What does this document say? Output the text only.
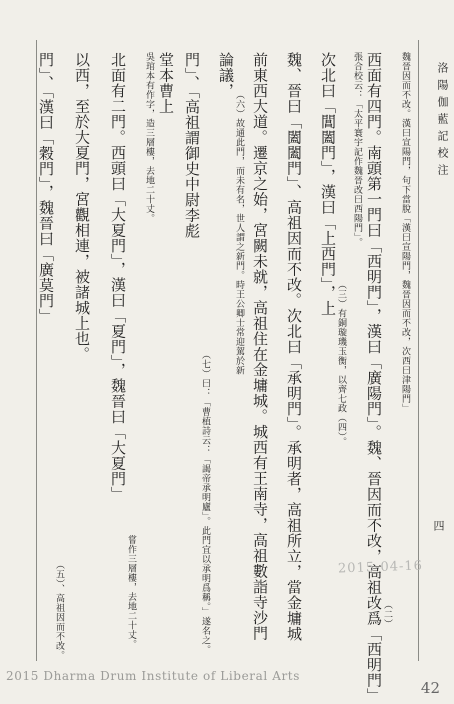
洛陽伽藍記校注
四
門」、「漢曰「穀門」，魏晉曰「廣莫門」
（五）、高祖因而不改。
以西，至於大夏門，宮觀相連，被諸城上也。 北面有二門。西頭曰「大夏門」，漢曰「夏門」，魏晉曰「大夏門」
嘗作三層樓，去地二十丈。
吳琯本有作字，造三層樓，去地二十丈。 堂本曹上 門」、「高祖謂御史中尉李彪
（七）曰：「曹植詩云：「謁帝承明廬」。此門宜以承明爲稱。」遂名之。
論議，
（六）故通此門，而未有名，世人謂之新門。時王公卿士常迎駕於新 前東西大道。遷京之始，宮闕未就，高祖住在金墉城。城西有王南寺，高祖數詣寺沙門 魏、晉曰「闔闔門」、高祖因而不改。次北曰「承明門」。承明者，高祖所立，當金墉城 次北曰「閶闔門」，漢曰「上西門」，上
（三）有銅璇璣玉衡，以齊七政（四）。
張合校云：「太平寰宇記作魏晉改曰西陽門」。 西面有四門。南頭第一門曰「西明門」，漢曰「廣陽門」。魏、晉因而不改，高祖改爲「西明門」 （二）
魏晉因而不改。漢曰宣陽門，句下當脫「漢曰宣陽門，魏晉因而不改，次西曰津陽門」
2015-04-16
2015 Dharma Drum Institute of Liberal Arts
42
